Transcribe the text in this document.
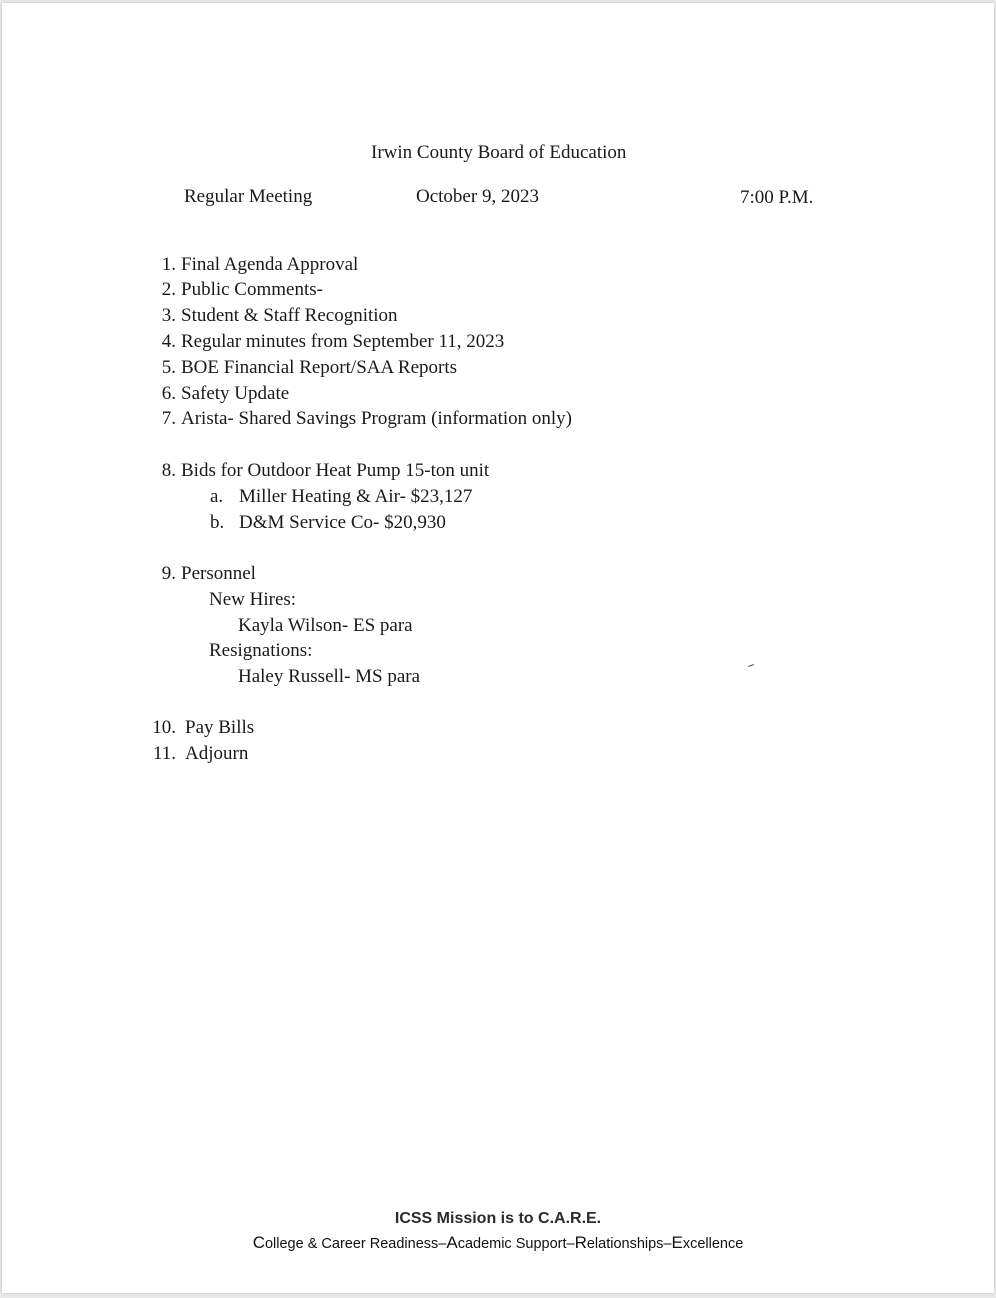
Irwin County Board of Education
Regular Meeting	October 9, 2023	7:00 P.M.
1. Final Agenda Approval
2. Public Comments-
3. Student & Staff Recognition
4. Regular minutes from September 11, 2023
5. BOE Financial Report/SAA Reports
6. Safety Update
7. Arista- Shared Savings Program (information only)
8. Bids for Outdoor Heat Pump 15-ton unit
a. Miller Heating & Air- $23,127
b. D&M Service Co- $20,930
9. Personnel
New Hires:
Kayla Wilson- ES para
Resignations:
Haley Russell- MS para
10. Pay Bills
11. Adjourn
ICSS Mission is to C.A.R.E.
College & Career Readiness–Academic Support–Relationships–Excellence
